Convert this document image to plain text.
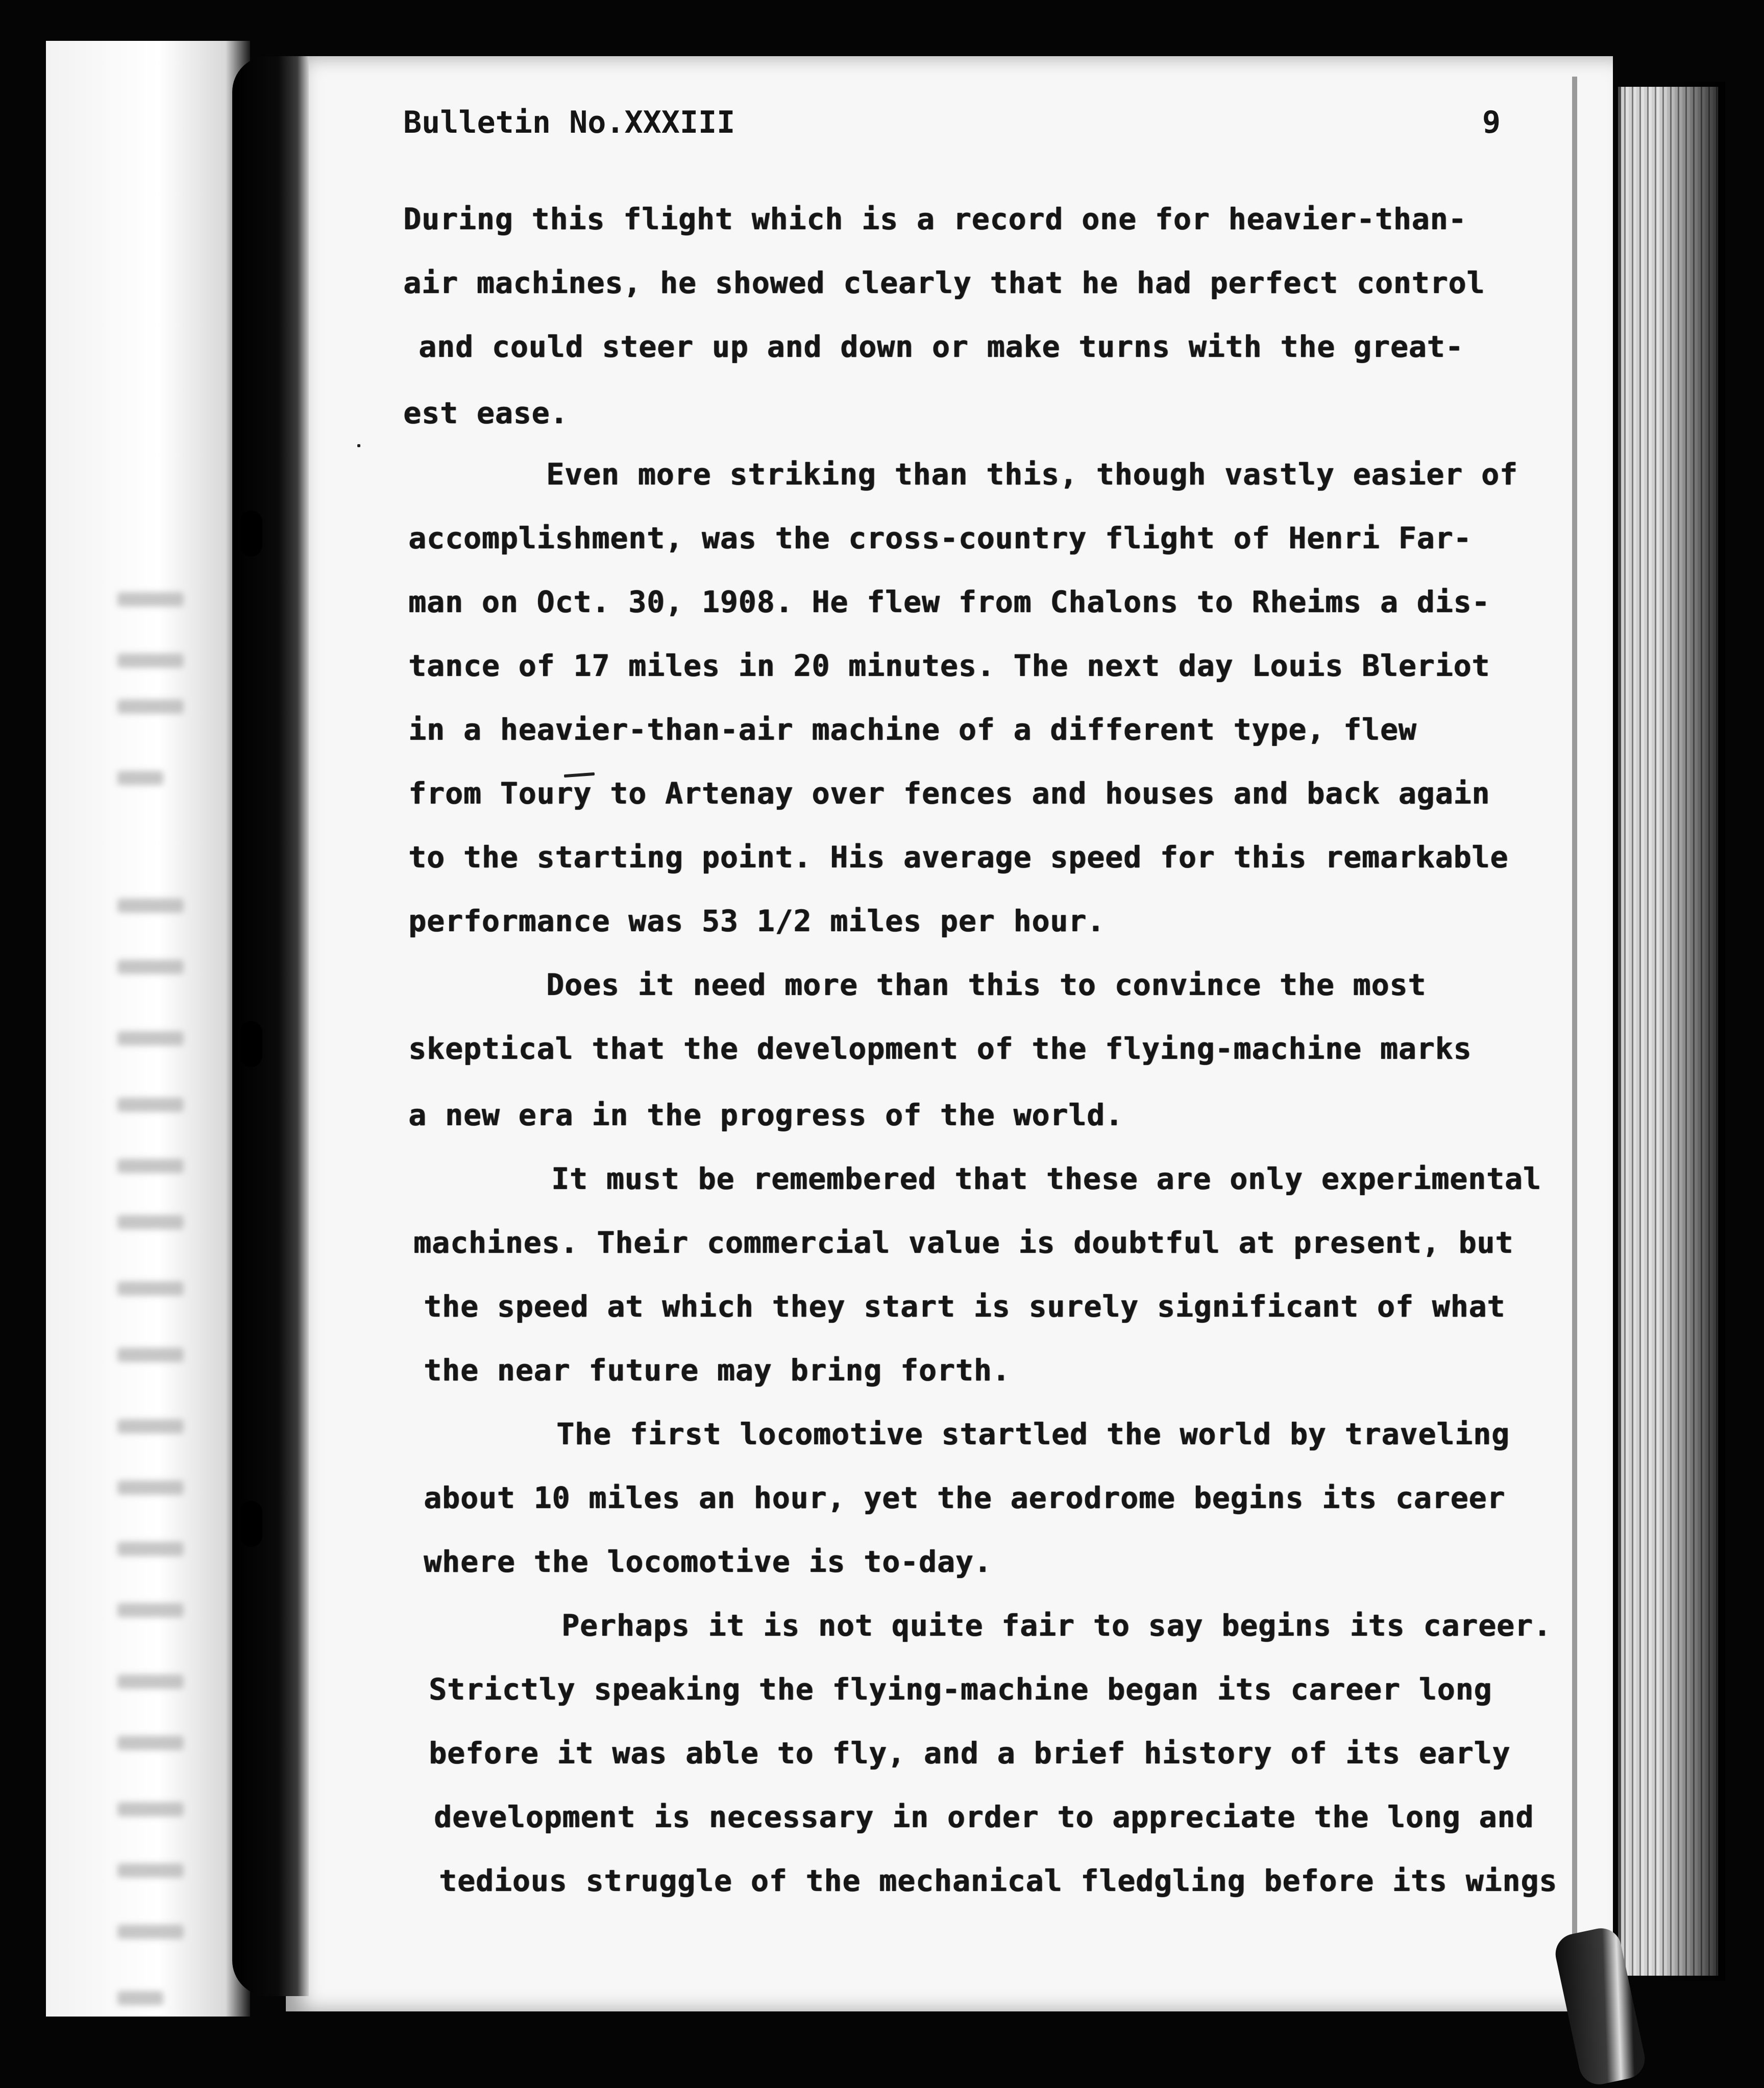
Bulletin No.XXXIII	9
During this flight which is a record one for heavier-than-
air machines, he showed clearly that he had perfect control
and could steer up and down or make turns with the great-
est ease.
Even more striking than this, though vastly easier of
accomplishment, was the cross-country flight of Henri Far-
man on Oct. 30, 1908. He flew from Chalons to Rheims a dis-
tance of 17 miles in 20 minutes. The next day Louis Bleriot
in a heavier-than-air machine of a different type, flew
from Toury to Artenay over fences and houses and back again
to the starting point. His average speed for this remarkable
performance was 53 1/2 miles per hour.
Does it need more than this to convince the most
skeptical that the development of the flying-machine marks
a new era in the progress of the world.
It must be remembered that these are only experimental
machines. Their commercial value is doubtful at present, but
the speed at which they start is surely significant of what
the near future may bring forth.
The first locomotive startled the world by traveling
about 10 miles an hour, yet the aerodrome begins its career
where the locomotive is to-day.
Perhaps it is not quite fair to say begins its career.
Strictly speaking the flying-machine began its career long
before it was able to fly, and a brief history of its early
development is necessary in order to appreciate the long and
tedious struggle of the mechanical fledgling before its wings
